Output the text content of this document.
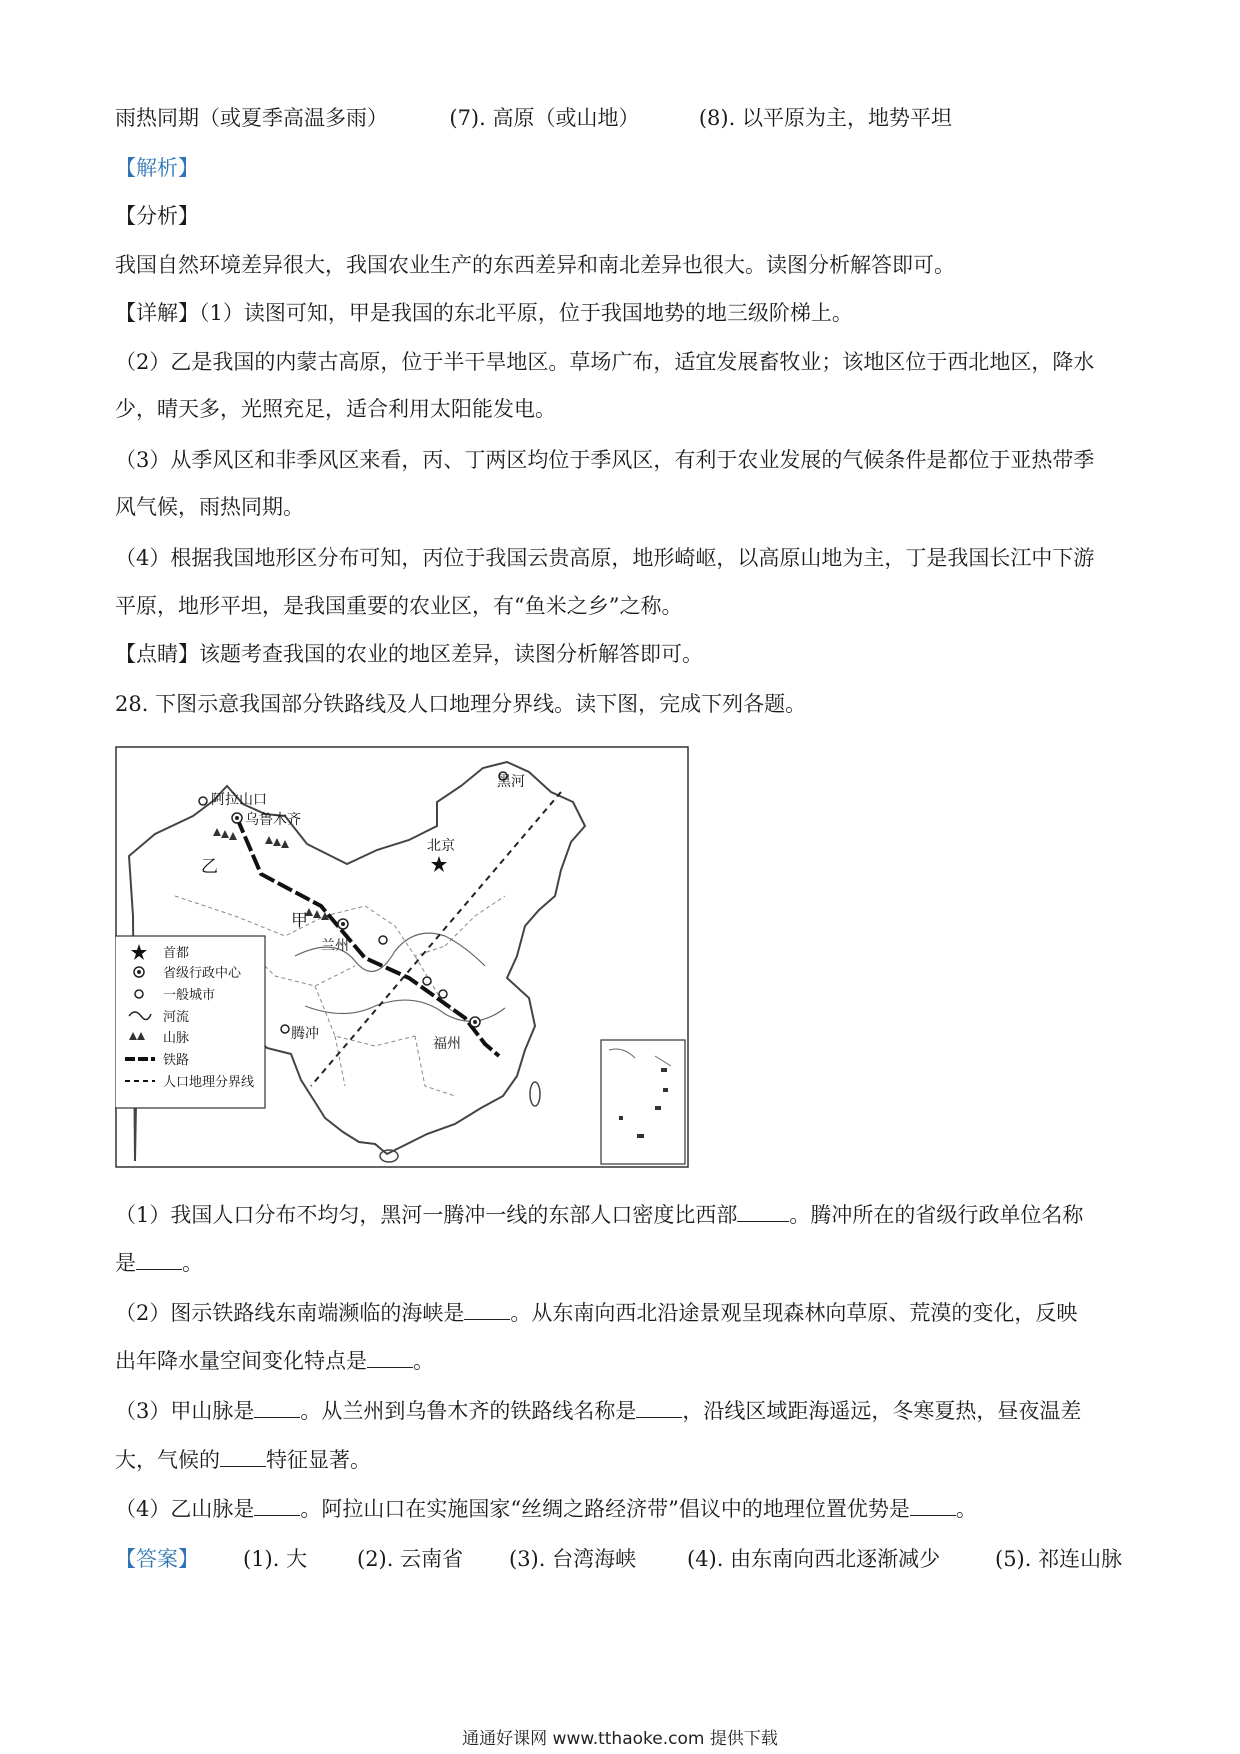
雨热同期（或夏季高温多雨）	(7). 高原（或山地）	(8). 以平原为主，地势平坦
【解析】
【分析】
我国自然环境差异很大，我国农业生产的东西差异和南北差异也很大。读图分析解答即可。
【详解】（1）读图可知，甲是我国的东北平原，位于我国地势的地三级阶梯上。
（2）乙是我国的内蒙古高原，位于半干旱地区。草场广布，适宜发展畜牧业；该地区位于西北地区，降水
少，晴天多，光照充足，适合利用太阳能发电。
（3）从季风区和非季风区来看，丙、丁两区均位于季风区，有利于农业发展的气候条件是都位于亚热带季
风气候，雨热同期。
（4）根据我国地形区分布可知，丙位于我国云贵高原，地形崎岖，以高原山地为主，丁是我国长江中下游
平原，地形平坦，是我国重要的农业区，有“鱼米之乡”之称。
【点睛】该题考查我国的农业的地区差异，读图分析解答即可。
28. 下图示意我国部分铁路线及人口地理分界线。读下图，完成下列各题。
阿拉山口
乌鲁木齐
黑河
北京
兰州
腾冲
福州
乙
甲
首都
省级行政中心
一般城市
河流
山脉
铁路
人口地理分界线
（1）我国人口分布不均匀，黑河一腾冲一线的东部人口密度比西部 。腾冲所在的省级行政单位名称
是 。
（2）图示铁路线东南端濒临的海峡是 。从东南向西北沿途景观呈现森林向草原、荒漠的变化，反映
出年降水量空间变化特点是 。
（3）甲山脉是 。从兰州到乌鲁木齐的铁路线名称是 ，沿线区域距海遥远，冬寒夏热，昼夜温差
大，气候的 特征显著。
（4）乙山脉是 。阿拉山口在实施国家“丝绸之路经济带”倡议中的地理位置优势是 。
【答案】 (1). 大 (2). 云南省 (3). 台湾海峡 (4). 由东南向西北逐渐减少	(5). 祁连山脉
通通好课网 www.tthaoke.com 提供下载
